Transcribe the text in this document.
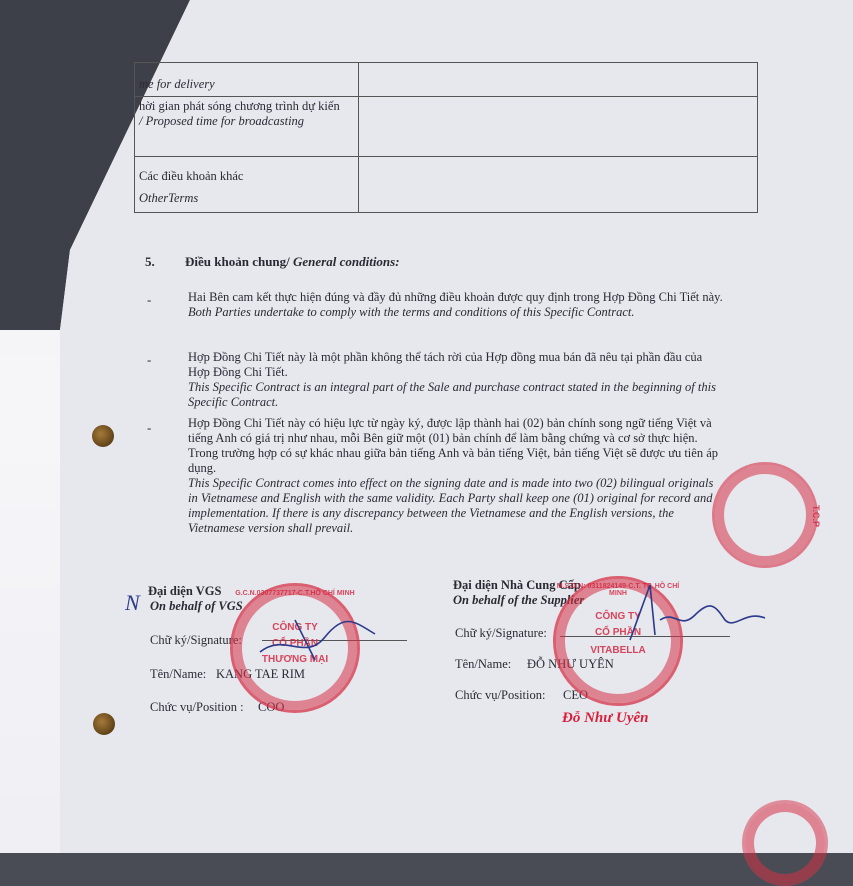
me for delivery	

hời gian phát sóng chương trình dự kiến
/ Proposed time for broadcasting	

Các điều khoản khác
OtherTerms	

5. Điều khoản chung/ General conditions:
-	Hai Bên cam kết thực hiện đúng và đầy đủ những điều khoản được quy định trong Hợp Đồng Chi Tiết này.
Both Parties undertake to comply with the terms and conditions of this Specific Contract.
-	Hợp Đồng Chi Tiết này là một phần không thể tách rời của Hợp đồng mua bán đã nêu tại phần đầu của Hợp Đồng Chi Tiết.
This Specific Contract is an integral part of the Sale and purchase contract stated in the beginning of this Specific Contract.
-	Hợp Đồng Chi Tiết này có hiệu lực từ ngày ký, được lập thành hai (02) bản chính song ngữ tiếng Việt và tiếng Anh có giá trị như nhau, mỗi Bên giữ một (01) bản chính để làm bằng chứng và cơ sở thực hiện. Trong trường hợp có sự khác nhau giữa bản tiếng Anh và bản tiếng Việt, bản tiếng Việt sẽ được ưu tiên áp dụng.
This Specific Contract comes into effect on the signing date and is made into two (02) bilingual originals in Vietnamese and English with the same validity. Each Party shall keep one (01) original for record and implementation. If there is any discrepancy between the Vietnamese and the English versions, the Vietnamese version shall prevail.
T.C.P
Đại diện VGS
On behalf of VGS
N
Chữ ký/Signature:
Tên/Name: KANG TAE RIM
Chức vụ/Position : COO
CÔNG TY
CỔ PHẦN
THƯƠNG MẠI
G.C.N.0307737717-C.T.HỒ CHÍ MINH
Đại diện Nhà Cung Cấp
On behalf of the Supplier
Chữ ký/Signature:
Tên/Name: ĐỖ NHƯ UYÊN
Chức vụ/Position: CEO
CÔNG TY
CỔ PHẦN
VITABELLA
M.S.D.N: 0311824149-C.T. TP. HỒ CHÍ MINH
Đỗ Như Uyên
